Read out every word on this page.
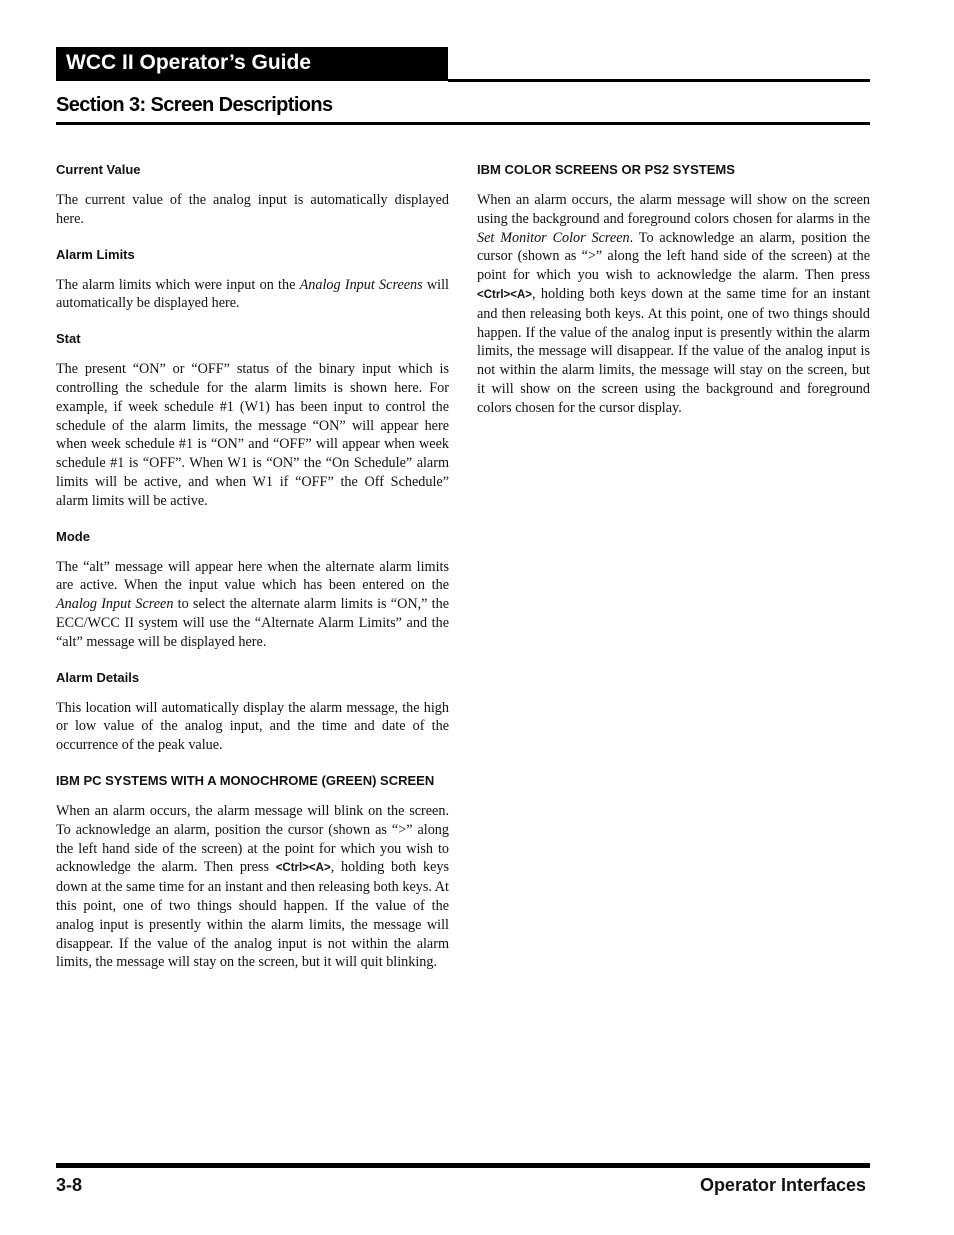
WCC II Operator’s Guide
Section 3: Screen Descriptions
Current Value
The current value of the analog input is automatically displayed here.
Alarm Limits
The alarm limits which were input on the Analog Input Screens will automatically be displayed here.
Stat
The present “ON” or “OFF” status of the binary input which is controlling the schedule for the alarm limits is shown here. For example, if week schedule #1 (W1) has been input to control the schedule of the alarm limits, the message “ON” will appear here when week schedule #1 is “ON” and “OFF” will appear when week schedule #1 is “OFF”. When W1 is “ON” the “On Schedule” alarm limits will be active, and when W1 if “OFF” the Off Schedule” alarm limits will be active.
Mode
The “alt” message will appear here when the alternate alarm limits are active. When the input value which has been entered on the Analog Input Screen to select the alternate alarm limits is “ON,” the ECC/WCC II system will use the “Alternate Alarm Limits” and the “alt” message will be displayed here.
Alarm Details
This location will automatically display the alarm message, the high or low value of the analog input, and the time and date of the occurrence of the peak value.
IBM PC SYSTEMS WITH A MONOCHROME (GREEN) SCREEN
When an alarm occurs, the alarm message will blink on the screen. To acknowledge an alarm, position the cursor (shown as “>” along the left hand side of the screen) at the point for which you wish to acknowledge the alarm. Then press <Ctrl><A>, holding both keys down at the same time for an instant and then releasing both keys. At this point, one of two things should happen. If the value of the analog input is presently within the alarm limits, the message will disappear. If the value of the analog input is not within the alarm limits, the message will stay on the screen, but it will quit blinking.
IBM COLOR SCREENS OR PS2 SYSTEMS
When an alarm occurs, the alarm message will show on the screen using the background and foreground colors chosen for alarms in the Set Monitor Color Screen. To acknowledge an alarm, position the cursor (shown as “>” along the left hand side of the screen) at the point for which you wish to acknowledge the alarm. Then press <Ctrl><A>, holding both keys down at the same time for an instant and then releasing both keys. At this point, one of two things should happen. If the value of the analog input is presently within the alarm limits, the message will disappear. If the value of the analog input is not within the alarm limits, the message will stay on the screen, but it will show on the screen using the background and foreground colors chosen for the cursor display.
3-8	Operator Interfaces
